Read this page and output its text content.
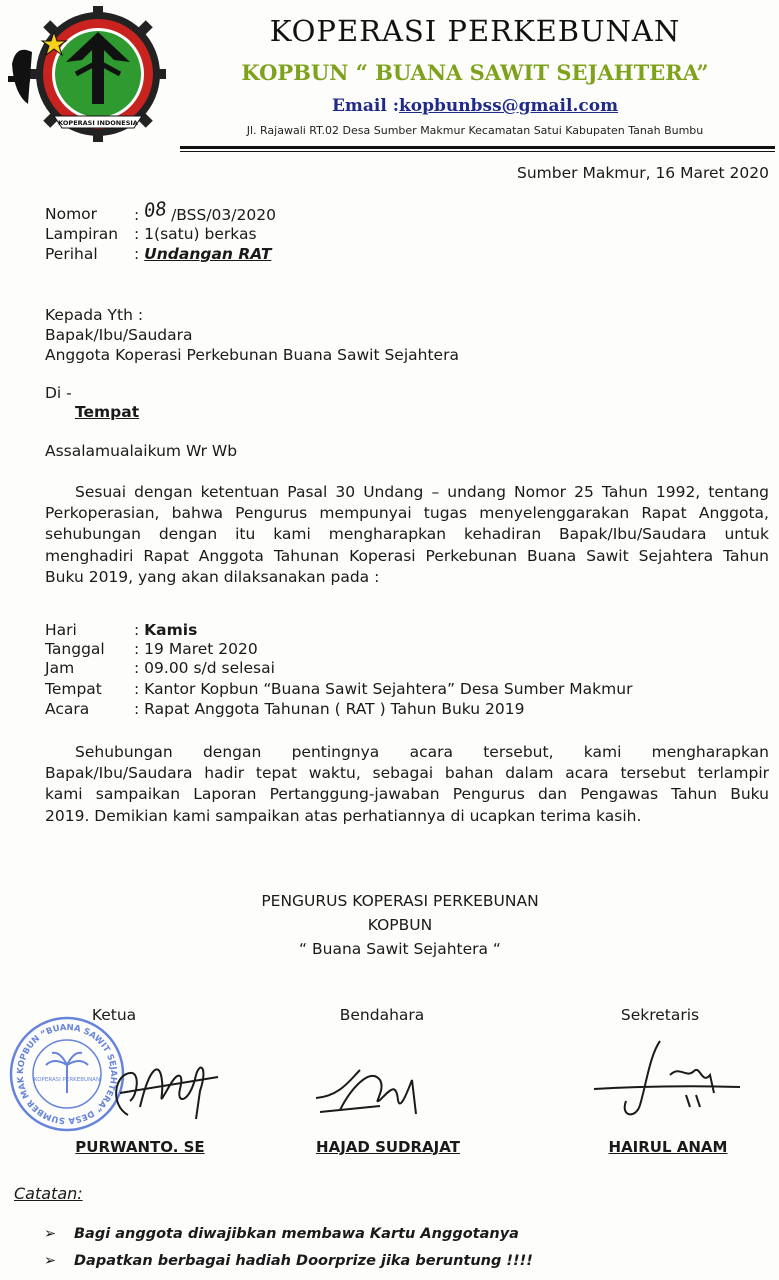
KOPERASI INDONESIA
KOPERASI PERKEBUNAN
KOPBUN “ BUANA SAWIT SEJAHTERA”
Email :kopbunbss@gmail.com
Jl. Rajawali RT.02 Desa Sumber Makmur Kecamatan Satui Kabupaten Tanah Bumbu
Sumber Makmur, 16 Maret 2020
Nomor	: 08 /BSS/03/2020
Lampiran	: 1(satu) berkas
Perihal	: Undangan RAT
Kepada Yth :
Bapak/Ibu/Saudara
Anggota Koperasi Perkebunan Buana Sawit Sejahtera
Di -
Tempat
Assalamualaikum Wr Wb
Sesuai dengan ketentuan Pasal 30 Undang – undang Nomor 25 Tahun 1992, tentang
Perkoperasian, bahwa Pengurus mempunyai tugas menyelenggarakan Rapat Anggota,
sehubungan dengan itu kami mengharapkan kehadiran Bapak/Ibu/Saudara untuk
menghadiri Rapat Anggota Tahunan Koperasi Perkebunan Buana Sawit Sejahtera Tahun
Buku 2019, yang akan dilaksanakan pada :
Hari	: Kamis
Tanggal	: 19 Maret 2020
Jam	: 09.00 s/d selesai
Tempat	: Kantor Kopbun “Buana Sawit Sejahtera” Desa Sumber Makmur
Acara	: Rapat Anggota Tahunan ( RAT ) Tahun Buku 2019
Sehubungan dengan pentingnya acara tersebut, kami mengharapkan
Bapak/Ibu/Saudara hadir tepat waktu, sebagai bahan dalam acara tersebut terlampir
kami sampaikan Laporan Pertanggung-jawaban Pengurus dan Pengawas Tahun Buku
2019. Demikian kami sampaikan atas perhatiannya di ucapkan terima kasih.
PENGURUS KOPERASI PERKEBUNAN
KOPBUN
“ Buana Sawit Sejahtera “
Ketua	Bendahara	Sekretaris
KOPBUN “BUANA SAWIT SEJAHTERA” DESA SUMBER MAK	KOPERASI PERKEBUNAN
PURWANTO. SE	HAJAD SUDRAJAT	HAIRUL ANAM
Catatan:
➢ Bagi anggota diwajibkan membawa Kartu Anggotanya
➢ Dapatkan berbagai hadiah Doorprize jika beruntung !!!!
